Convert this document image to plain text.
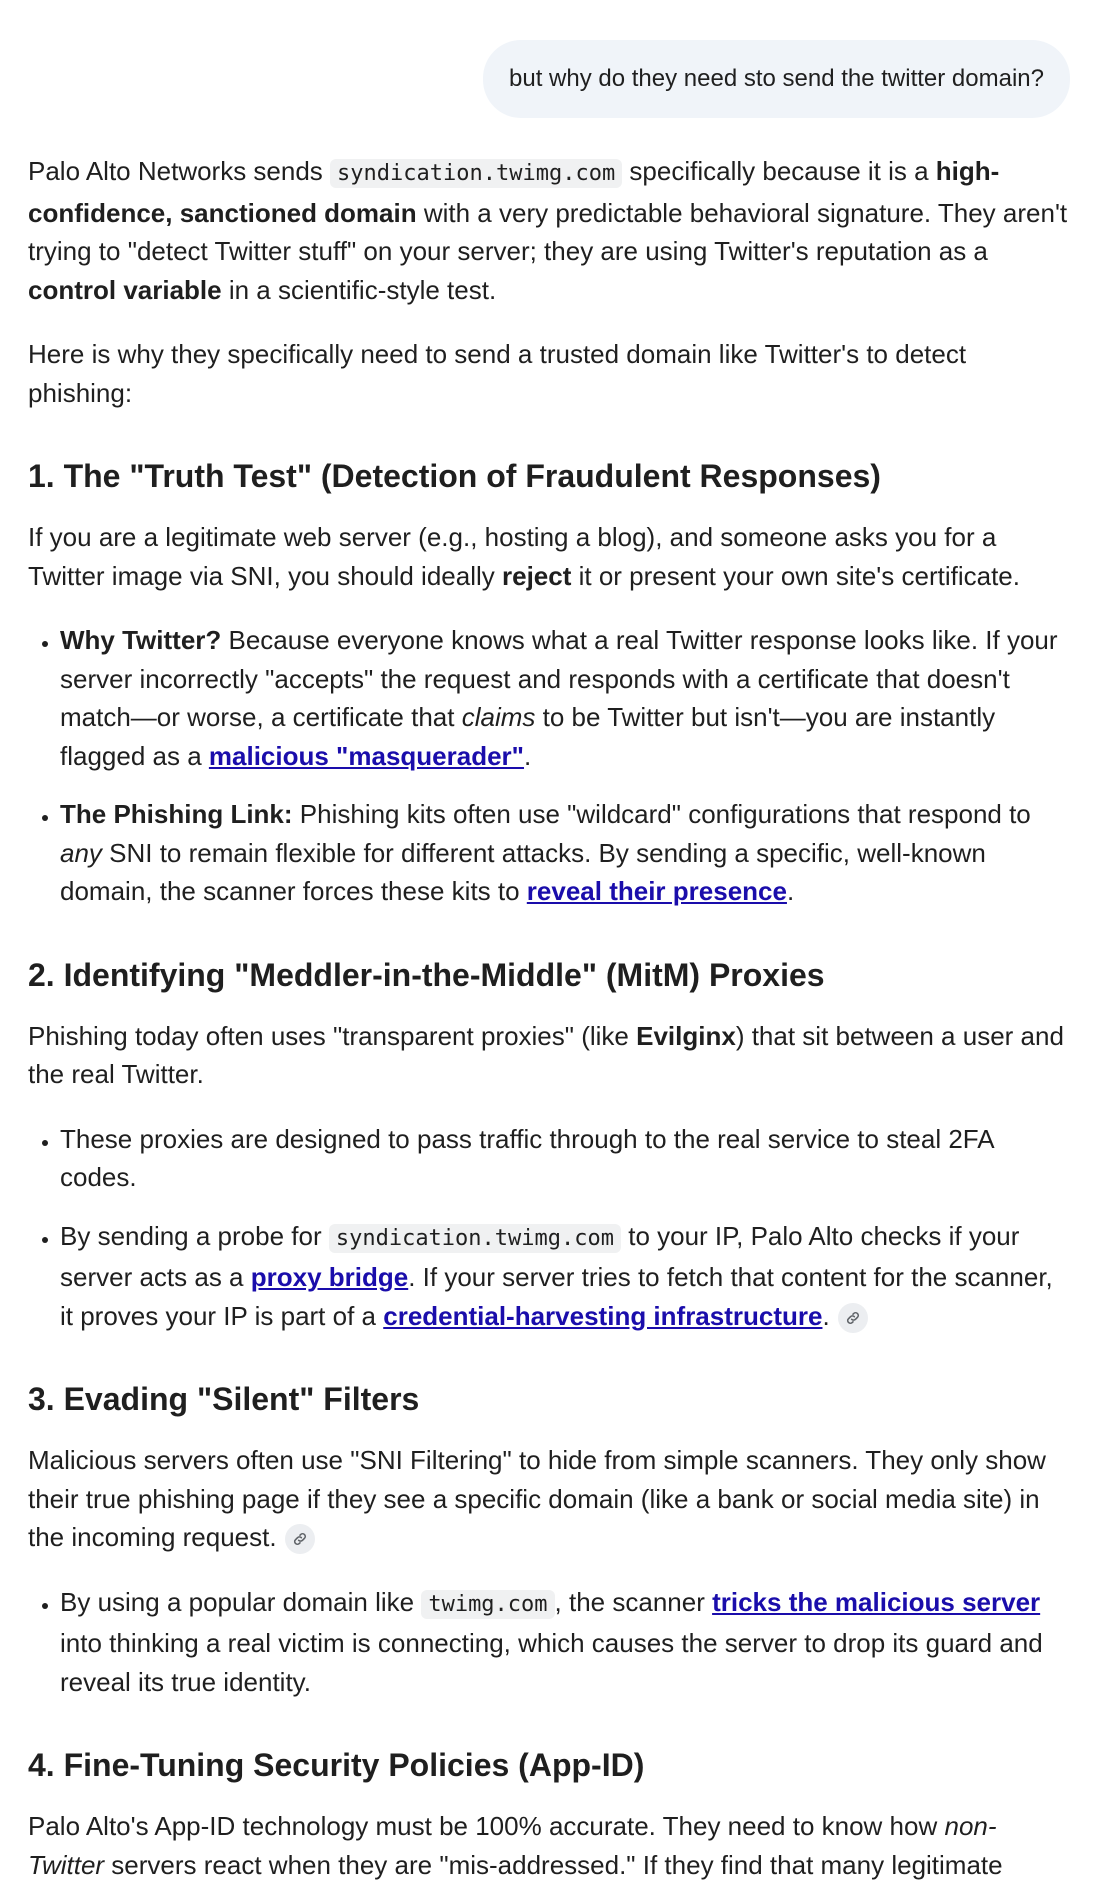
but why do they need sto send the twitter domain?

Palo Alto Networks sends syndication.twimg.com specifically because it is a high-confidence, sanctioned domain with a very predictable behavioral signature. They aren't trying to "detect Twitter stuff" on your server; they are using Twitter's reputation as a control variable in a scientific-style test.

Here is why they specifically need to send a trusted domain like Twitter's to detect phishing:

1. The "Truth Test" (Detection of Fraudulent Responses)

If you are a legitimate web server (e.g., hosting a blog), and someone asks you for a Twitter image via SNI, you should ideally reject it or present your own site's certificate.

• Why Twitter? Because everyone knows what a real Twitter response looks like. If your server incorrectly "accepts" the request and responds with a certificate that doesn't match—or worse, a certificate that claims to be Twitter but isn't—you are instantly flagged as a malicious "masquerader".
• The Phishing Link: Phishing kits often use "wildcard" configurations that respond to any SNI to remain flexible for different attacks. By sending a specific, well-known domain, the scanner forces these kits to reveal their presence.
2. Identifying "Meddler-in-the-Middle" (MitM) Proxies

Phishing today often uses "transparent proxies" (like Evilginx) that sit between a user and the real Twitter.

• These proxies are designed to pass traffic through to the real service to steal 2FA codes.
• By sending a probe for syndication.twimg.com to your IP, Palo Alto checks if your server acts as a proxy bridge. If your server tries to fetch that content for the scanner, it proves your IP is part of a credential-harvesting infrastructure.
3. Evading "Silent" Filters

Malicious servers often use "SNI Filtering" to hide from simple scanners. They only show their true phishing page if they see a specific domain (like a bank or social media site) in the incoming request.

• By using a popular domain like twimg.com , the scanner tricks the malicious server into thinking a real victim is connecting, which causes the server to drop its guard and reveal its true identity.
4. Fine-Tuning Security Policies (App-ID)

Palo Alto's App-ID technology must be 100% accurate. They need to know how non-Twitter servers react when they are "mis-addressed." If they find that many legitimate
